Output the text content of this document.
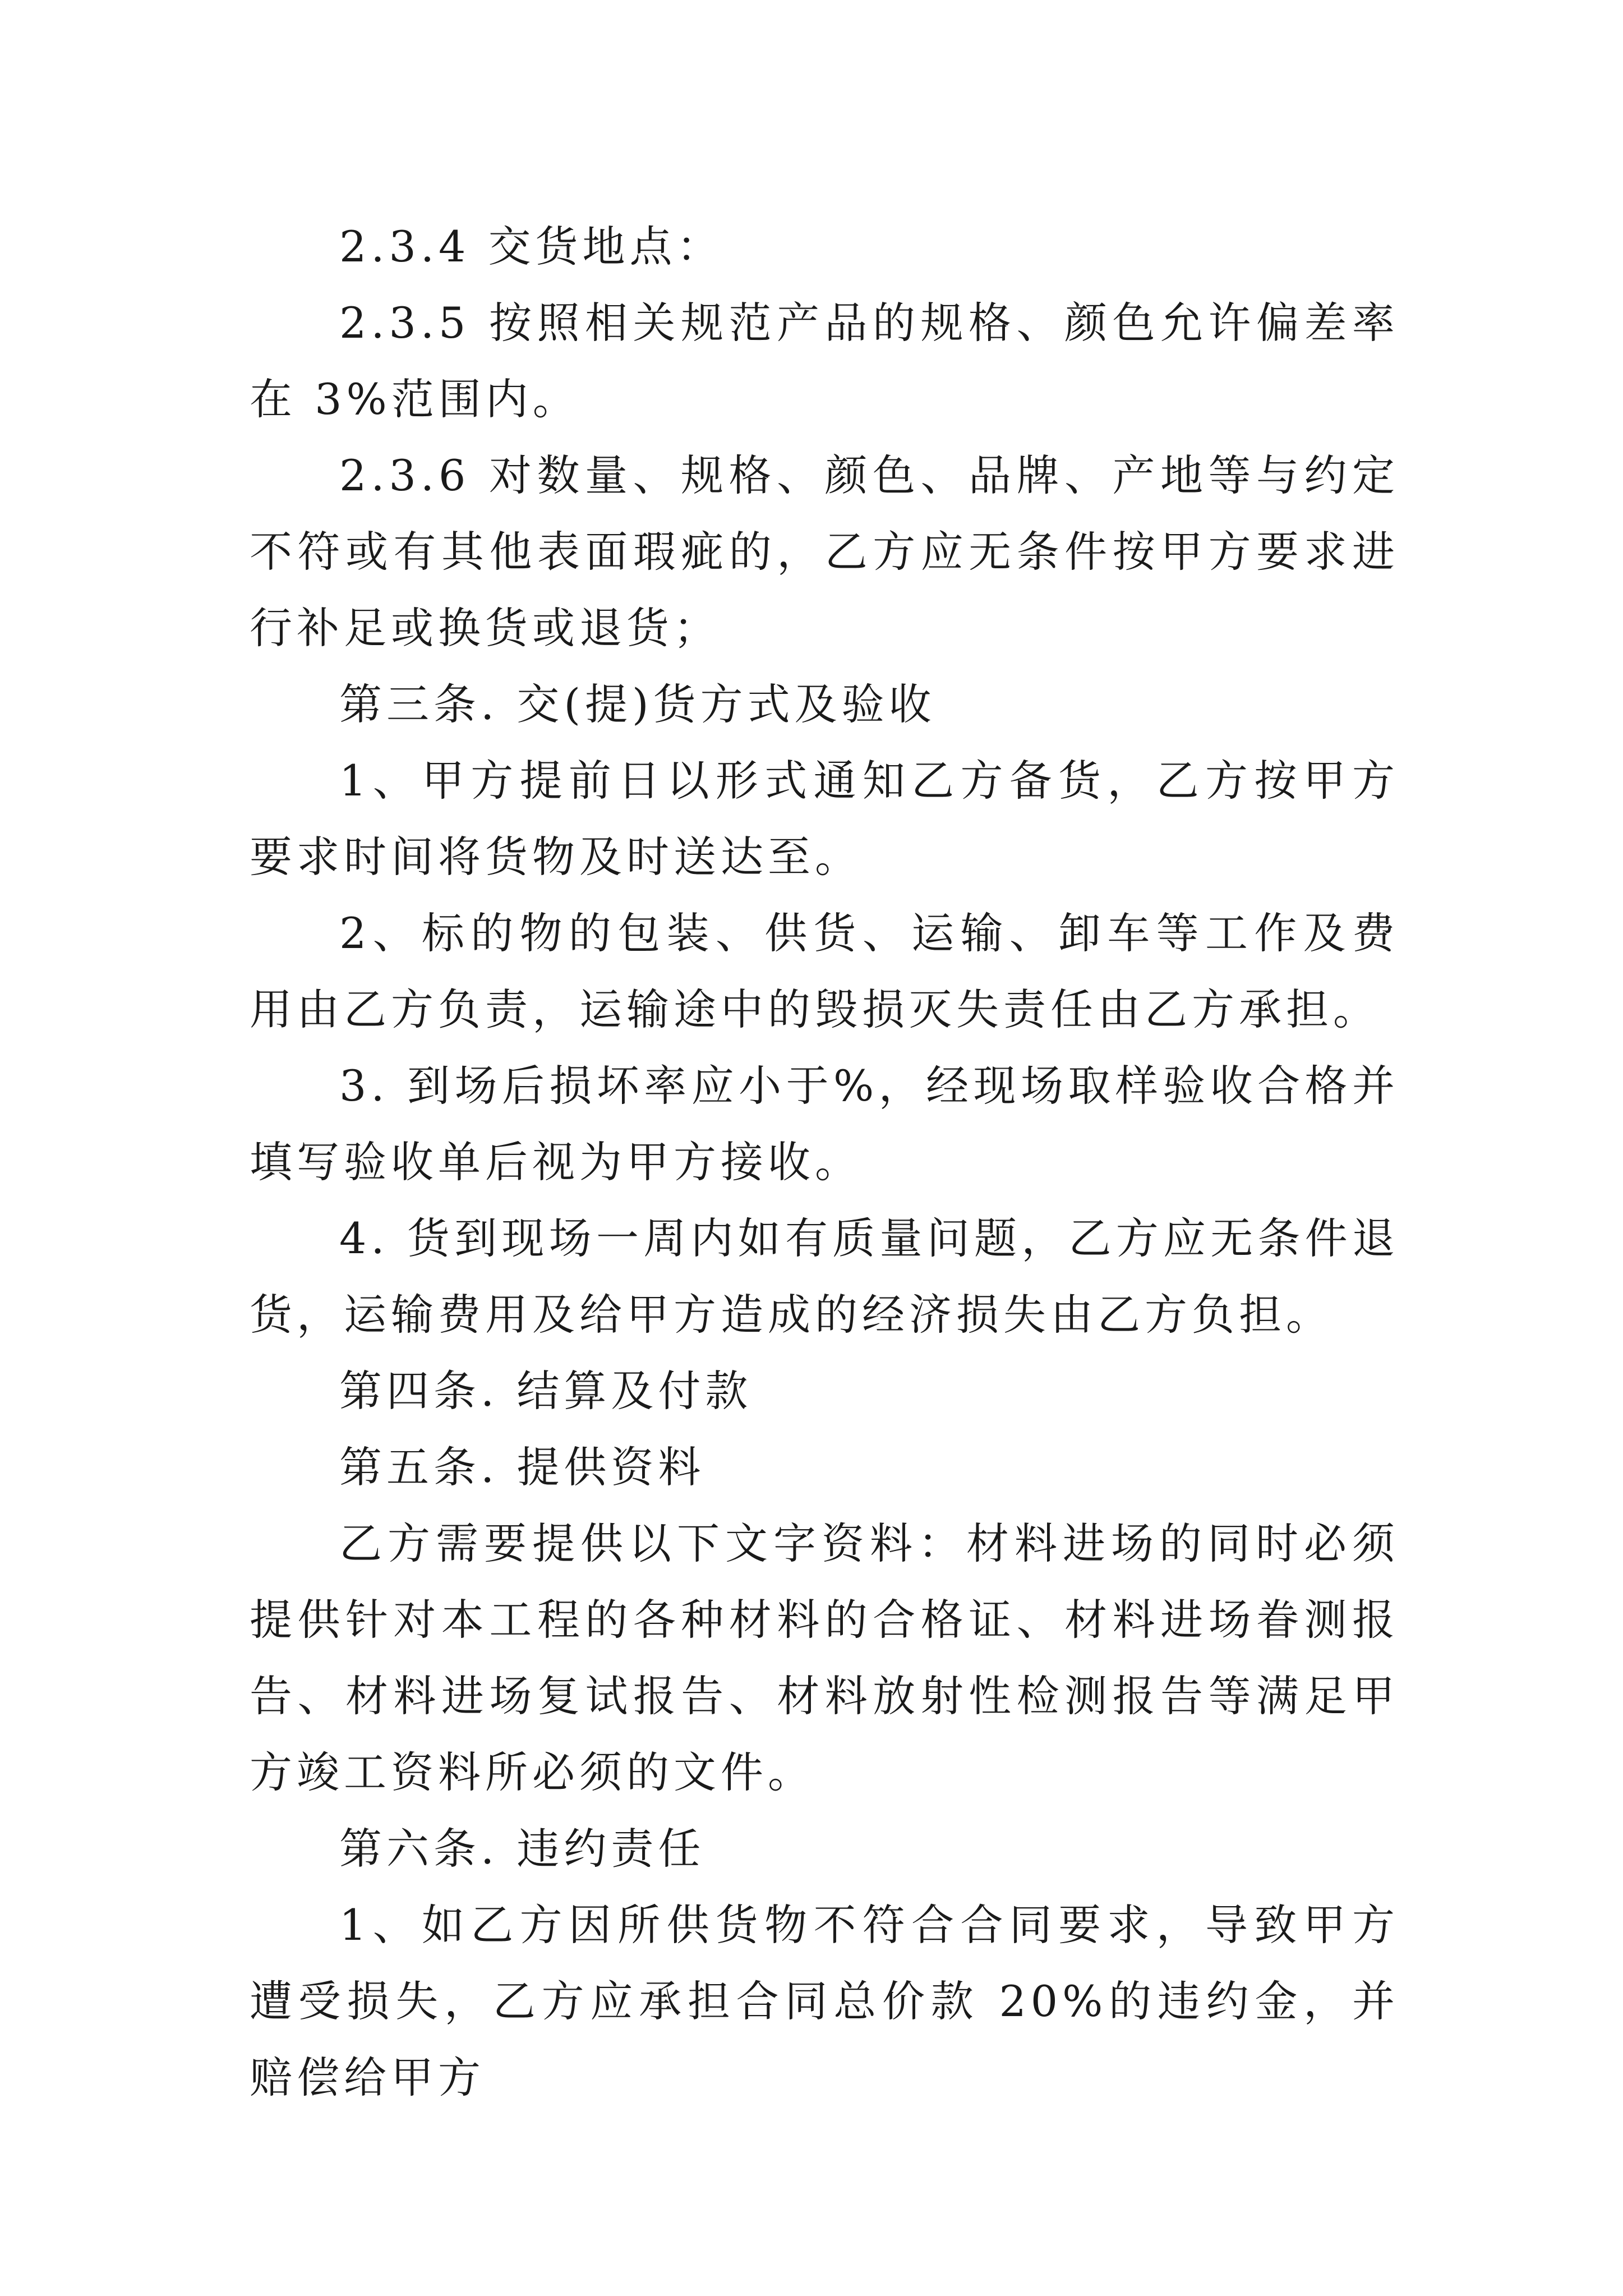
2.3.4 交货地点：

2.3.5 按照相关规范产品的规格、颜色允许偏差率在 3%范围内。

2.3.6 对数量、规格、颜色、品牌、产地等与约定不符或有其他表面瑕疵的，乙方应无条件按甲方要求进行补足或换货或退货；

第三条. 交(提)货方式及验收

1、甲方提前日以形式通知乙方备货，乙方按甲方要求时间将货物及时送达至。

2、标的物的包装、供货、运输、卸车等工作及费用由乙方负责，运输途中的毁损灭失责任由乙方承担。

3. 到场后损坏率应小于%，经现场取样验收合格并填写验收单后视为甲方接收。

4. 货到现场一周内如有质量问题，乙方应无条件退货，运输费用及给甲方造成的经济损失由乙方负担。

第四条. 结算及付款

第五条. 提供资料

乙方需要提供以下文字资料：材料进场的同时必须提供针对本工程的各种材料的合格证、材料进场眷测报告、材料进场复试报告、材料放射性检测报告等满足甲方竣工资料所必须的文件。

第六条. 违约责任

1、如乙方因所供货物不符合合同要求，导致甲方遭受损失，乙方应承担合同总价款 20%的违约金，并赔偿给甲方
